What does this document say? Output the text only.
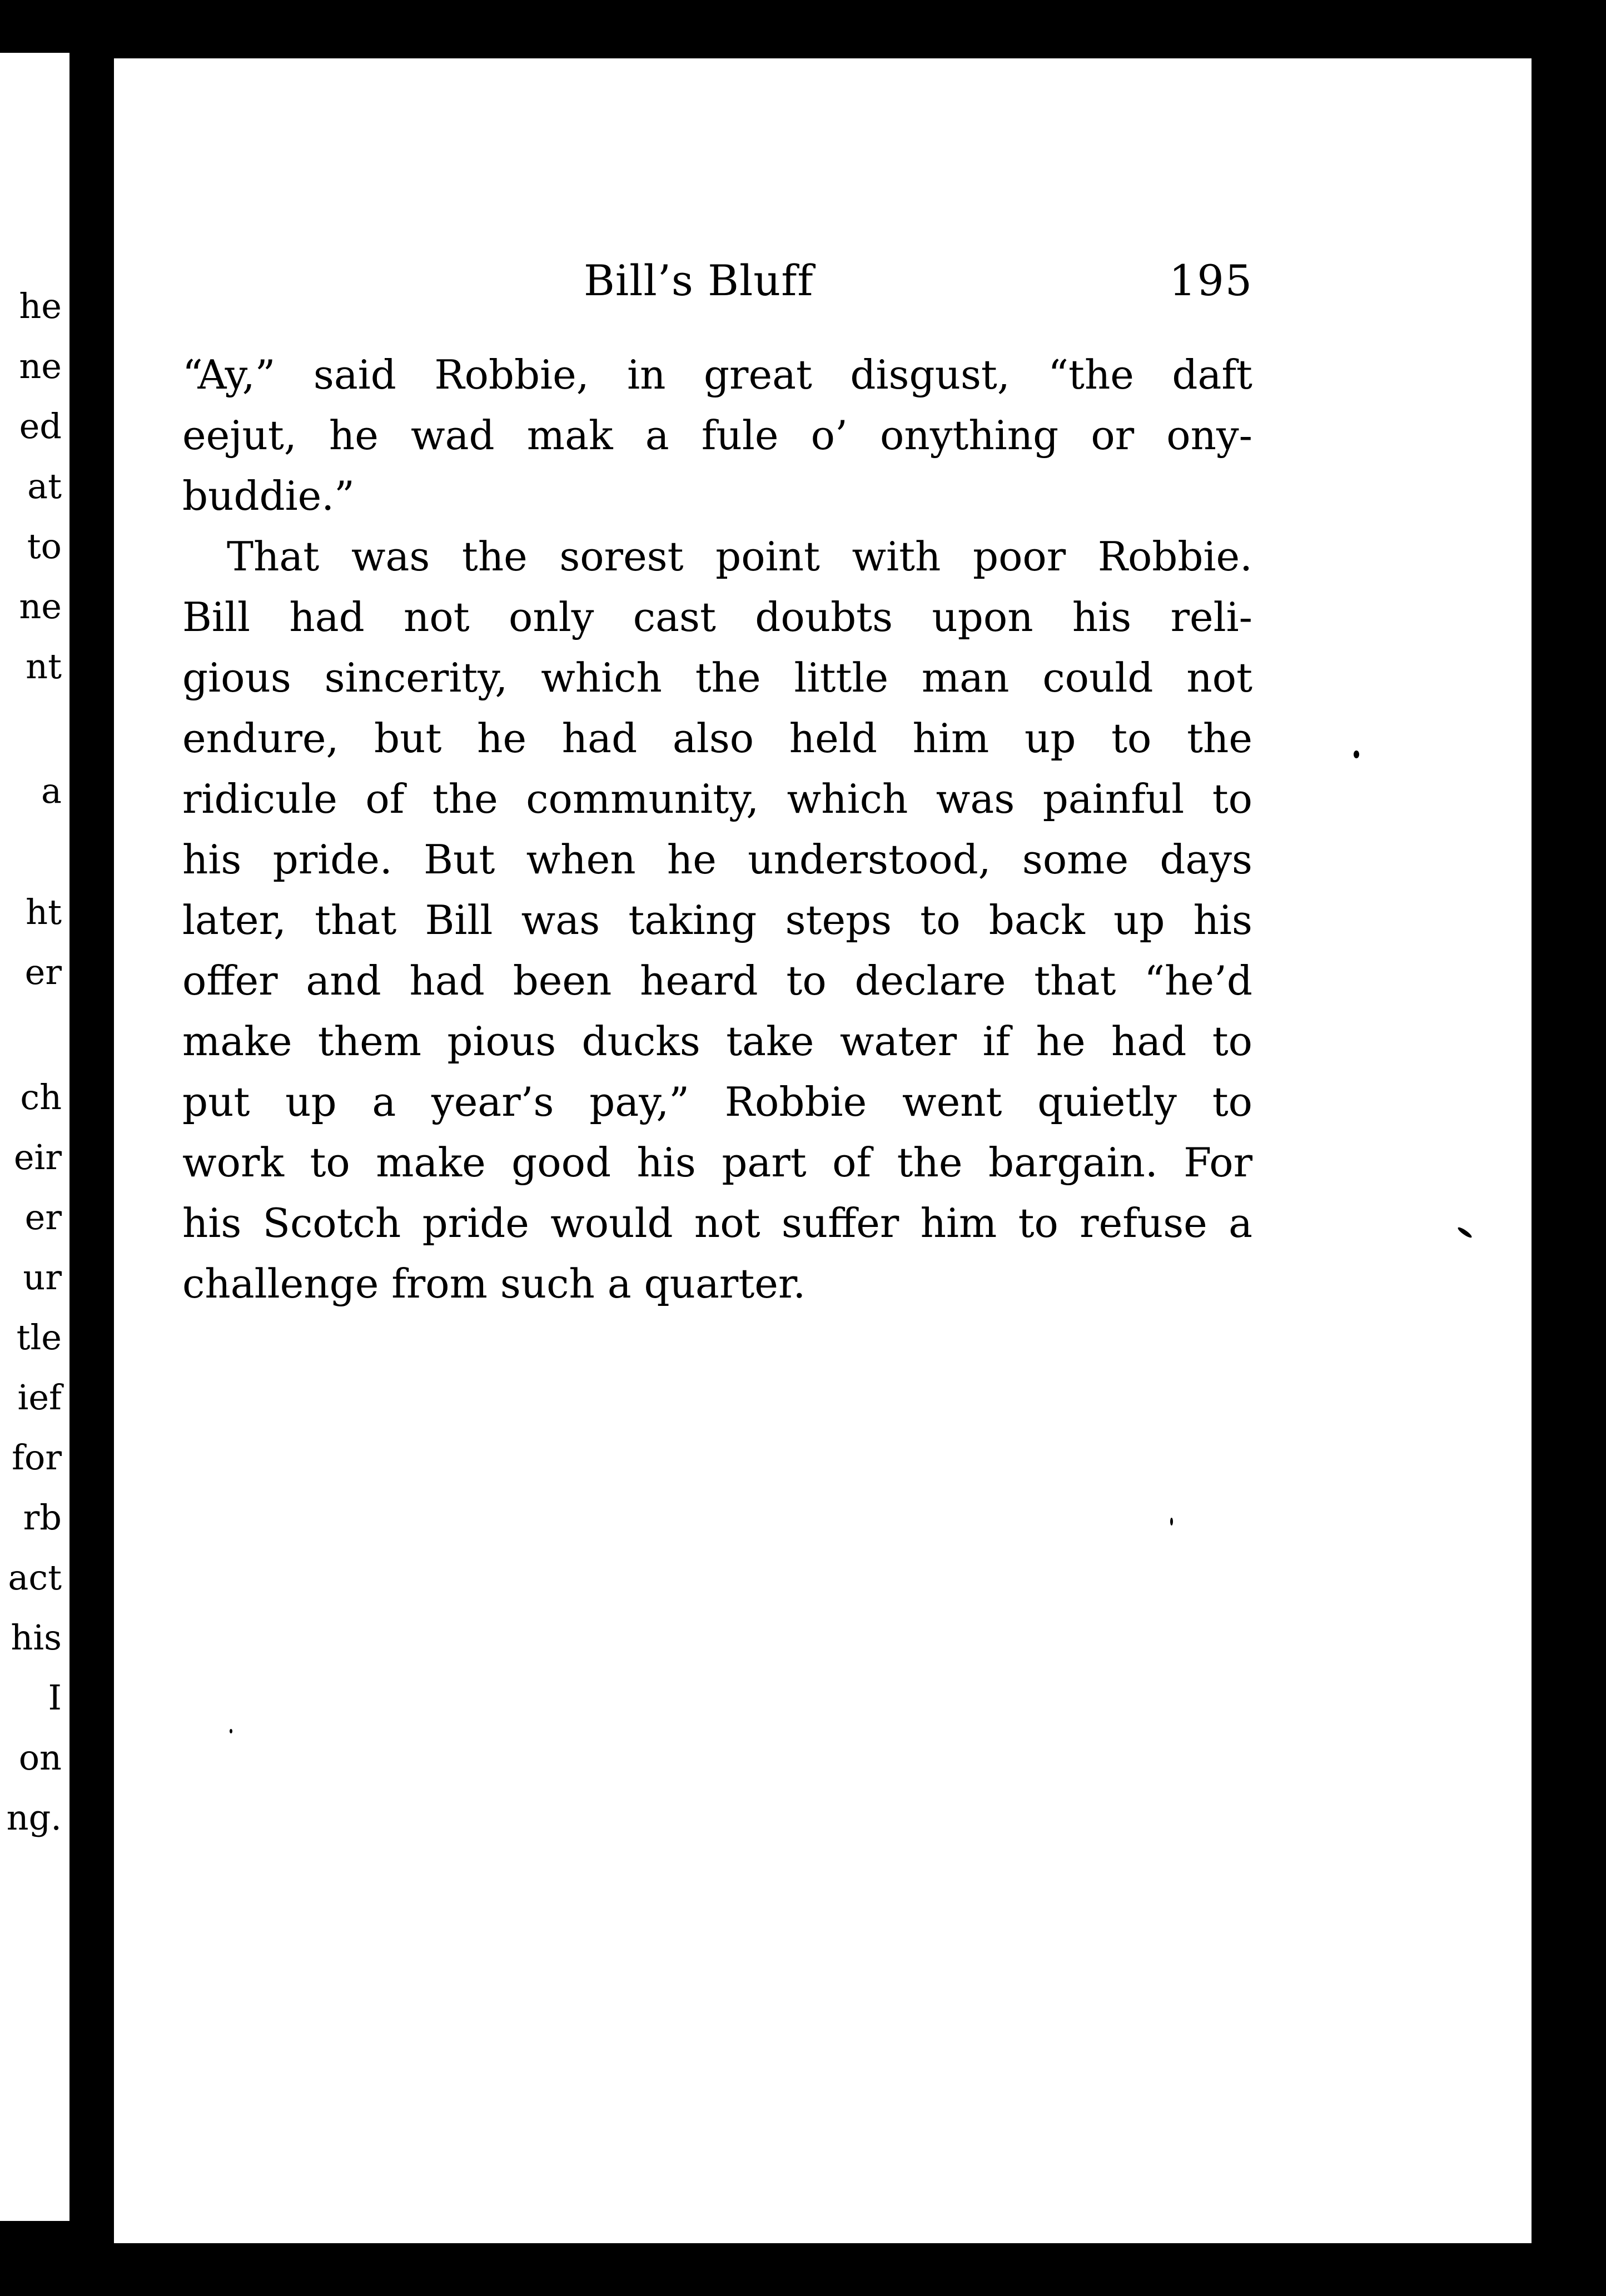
he
ne
ed
at
to
ne
nt
a
ht
er
ch
eir
er
ur
tle
ief
for
rb
act
his
I
on
ng.
Bill’s Bluff	195
“Ay,” said Robbie, in great disgust, “the daft
eejut, he wad mak a fule o’ onything or ony-
buddie.”
That was the sorest point with poor Robbie.
Bill had not only cast doubts upon his reli-
gious sincerity, which the little man could not
endure, but he had also held him up to the
ridicule of the community, which was painful to
his pride. But when he understood, some days
later, that Bill was taking steps to back up his
offer and had been heard to declare that “he’d
make them pious ducks take water if he had to
put up a year’s pay,” Robbie went quietly to
work to make good his part of the bargain. For
his Scotch pride would not suffer him to refuse a
challenge from such a quarter.
